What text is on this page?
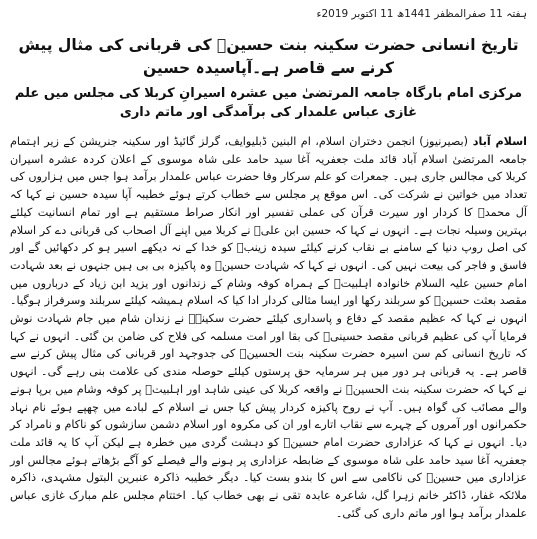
ہفتہ 11 صفرالمظفر 1441ھ 11 اکتوبر 2019ء
تاریخ انسانی حضرت سکینہ بنت حسینؑ کی قربانی کی مثال پیش کرنے سے قاصر ہے۔آپاسیدہ حسین
مرکزی امام بارگاہ جامعہ المرتضیٰ میں عشرہ اسیرانِ کربلا کی مجلس میں علم غازی عباس علمدار کی برآمدگی اور ماتم داری
اسلام آباد (بصیرنیوز) انجمن دختران اسلام، ام البنین ڈبلیوایف، گرلز گائیڈ اور سکینہ جنریشن کے زیر اہتمام جامعہ المرتضیٰ اسلام آباد قائد ملت جعفریہ آغا سید حامد علی شاہ موسوی کے اعلان کردہ عشرہ اسیران کربلا کی مجالس جاری ہیں۔ جمعرات کو علم سرکار وفا حضرت عباس علمدار برآمد ہوا جس میں ہزاروں کی تعداد میں خواتین نے شرکت کی۔ اس موقع پر مجلس سے خطاب کرتے ہوئے خطیبہ آپا سیدہ حسین نے کہا کہ آل محمدؐ کا کردار اور سیرت قرآن کی عملی تفسیر اور انکار صراط مستقیم ہے اور تمام انسانیت کیلئے بہترین وسیلہ نجات ہے۔ انہوں نے کہا کہ حسین ابن علیؑ نے کربلا میں اپنے آل اصحاب کی قربانی دے کر اسلام کی اصل روپ دنیا کے سامنے بے نقاب کرنے کیلئے سیدہ زینبؑ کو خدا کے نہ دیکھے اسیر ہو کر دکھائیں گے اور فاسق و فاجر کی بیعت نہیں کی۔ انہوں نے کہا کہ شہادت حسینؑ وہ پاکیزہ بی بی ہیں جنہوں نے بعد شہادت امام حسین علیہ السلام خانوادہ اہلبیتؑ کے ہمراہ کوفہ وشام کے زندانوں اور یزید ابن زیاد کے درباروں میں مقصد بعثت حسینؑ کو سربلند رکھا اور ایسا مثالی کردار ادا کیا کہ اسلام ہمیشہ کیلئے سربلند وسرفراز ہوگیا۔ انہوں نے کہا کہ عظیم مقصد کے دفاع و پاسداری کیلئے حضرت سکینہؑ نے زندان شام میں جام شہادت نوش فرمایا آپ کی عظیم قربانی مقصد حسینیؑ کی بقا اور امت مسلمہ کی فلاح کی ضامن بن گئی۔ انہوں نے کہا کہ تاریخ انسانی کم سن اسیرہ حضرت سکینہ بنت الحسینؑ کی جدوجہد اور قربانی کی مثال پیش کرنے سے قاصر ہے۔ یہ قربانی ہر دور میں ہر سرمایہ حق پرستوں کیلئے حوصلہ مندی کی علامت بنی رہے گی۔ انہوں نے کہا کہ حضرت سکینہ بنت الحسینؑ نے واقعہ کربلا کی عینی شاہد اور اہلبیتؑ پر کوفہ وشام میں برپا ہونے والے مصائب کی گواہ ہیں۔ آپ نے روح پاکیزہ کردار پیش کیا جس نے اسلام کے لبادے میں چھپے ہوئے نام نہاد حکمرانوں اور آمروں کے چہرے سے نقاب اتارے اور ان کی مکروہ اور اسلام دشمن سازشوں کو ناکام و نامراد کر دیا۔ انہوں نے کہا کہ عزاداری حضرت امام حسینؑ کو دہشت گردی میں خطرہ ہے لیکن آپ کا یہ قائد ملت جعفریہ آغا سید حامد علی شاہ موسوی کے ضابطہ عزاداری پر ہونے والے فیصلے کو آگے بڑھاتے ہوئے مجالس اور عزاداری میں حسینؑ کی ناکامی سے اس کا بندو بست کیا۔ دیگر خطیبہ ذاکرہ عنبرین البتول مشہدی، ذاکرہ ملائکہ غفار، ڈاکٹر خانم زہرا گل، شاعرہ عابدہ تقی نے بھی خطاب کیا۔ اختتام مجلس علم مبارک غازی عباس علمدار برآمد ہوا اور ماتم داری کی گئی۔
